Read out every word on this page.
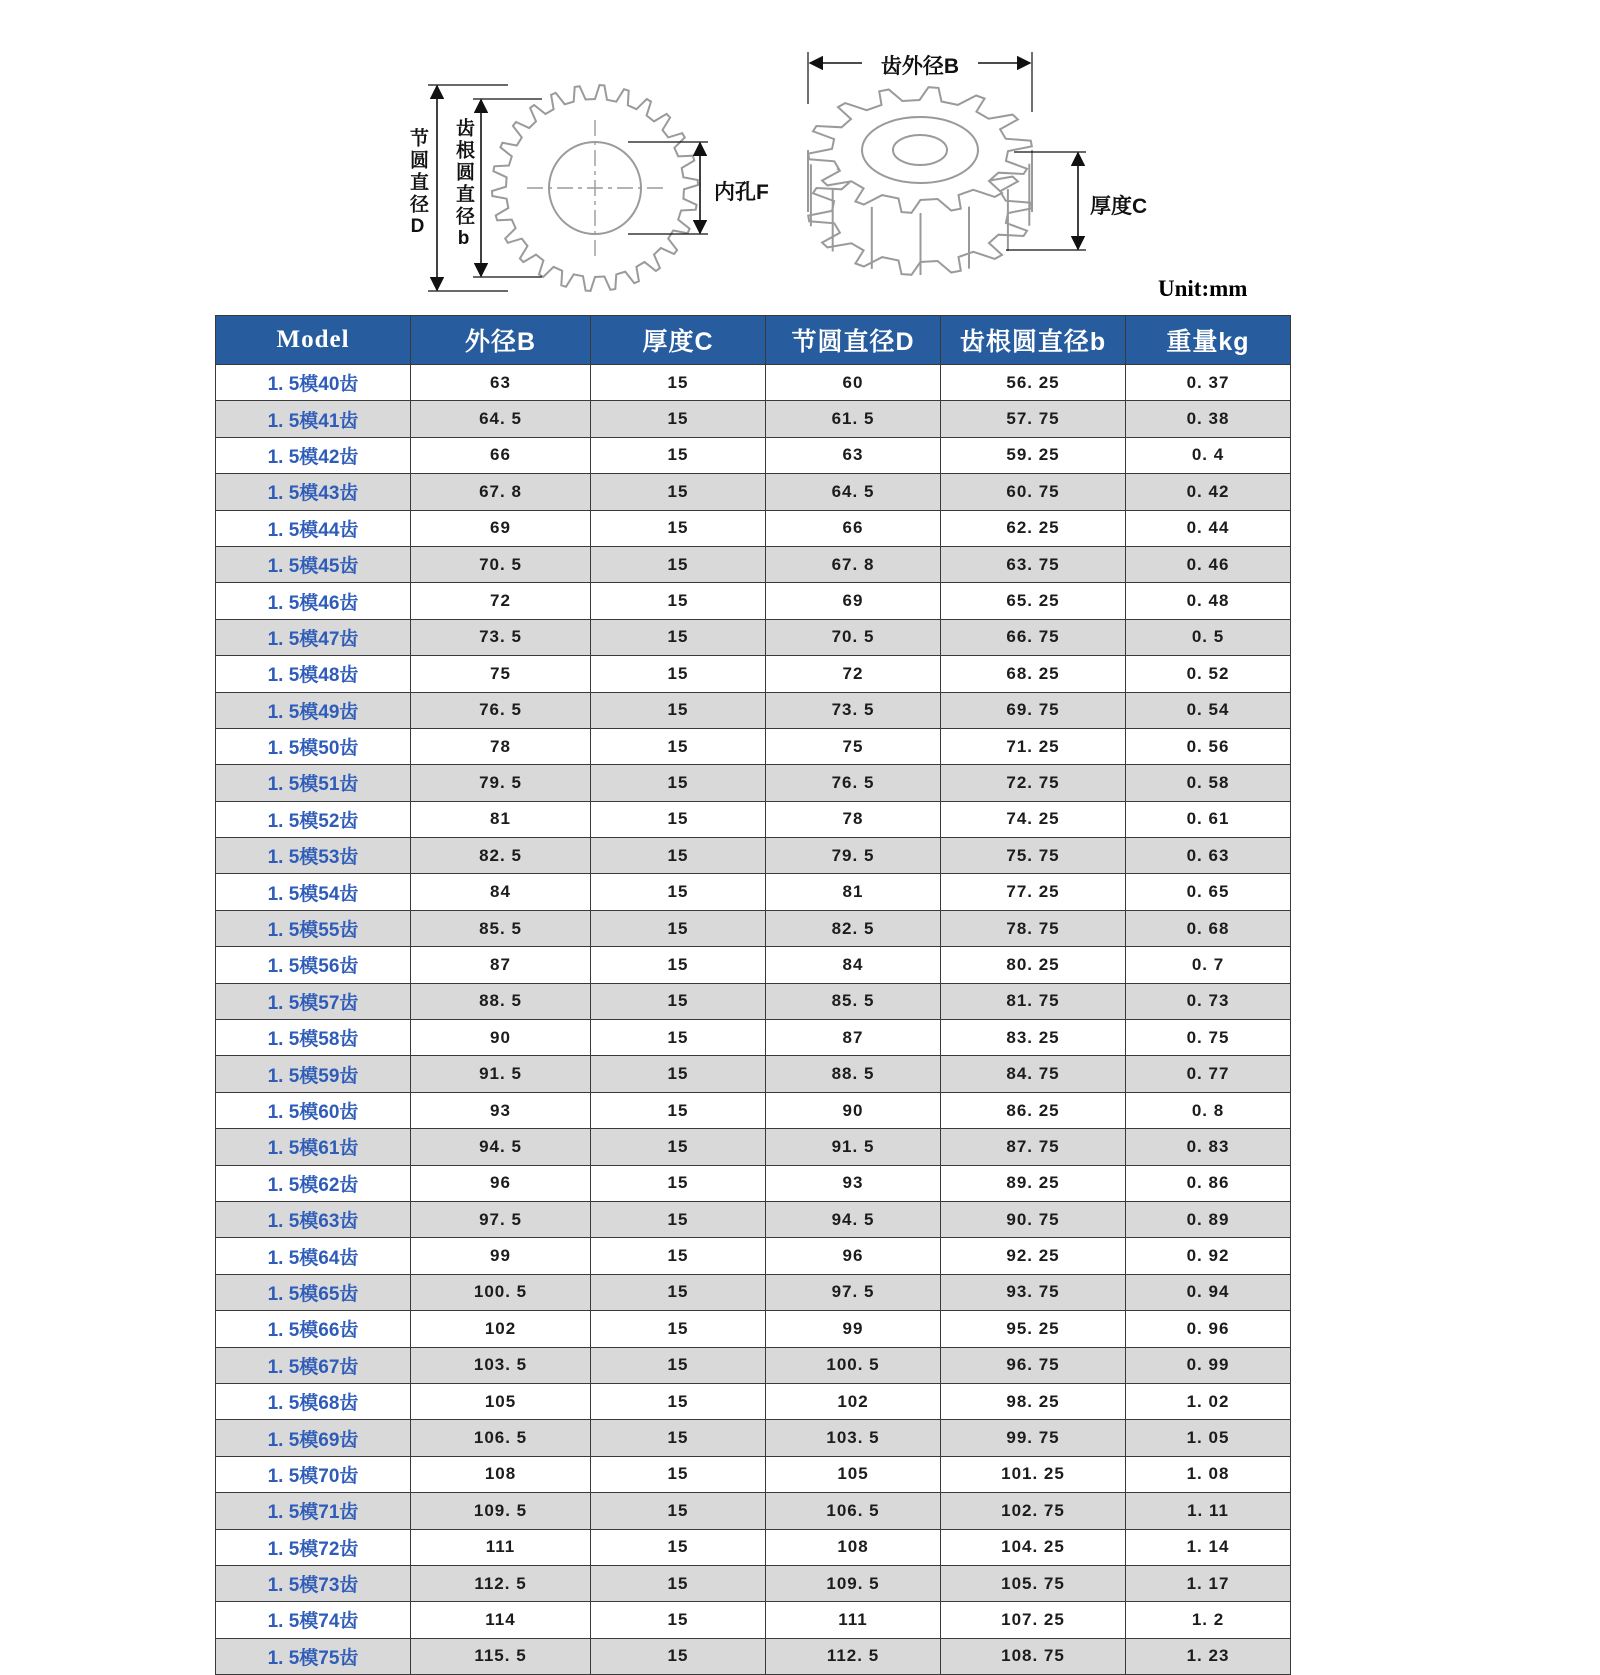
节圆直径D 齿根圆直径b	内孔F
齿外径B
厚度C
Unit:mm
Model	外径B	厚度C	节圆直径D	齿根圆直径b	重量kg
1. 5模40齿	63	15	60	56. 25	0. 37
1. 5模41齿	64. 5	15	61. 5	57. 75	0. 38
1. 5模42齿	66	15	63	59. 25	0. 4
1. 5模43齿	67. 8	15	64. 5	60. 75	0. 42
1. 5模44齿	69	15	66	62. 25	0. 44
1. 5模45齿	70. 5	15	67. 8	63. 75	0. 46
1. 5模46齿	72	15	69	65. 25	0. 48
1. 5模47齿	73. 5	15	70. 5	66. 75	0. 5
1. 5模48齿	75	15	72	68. 25	0. 52
1. 5模49齿	76. 5	15	73. 5	69. 75	0. 54
1. 5模50齿	78	15	75	71. 25	0. 56
1. 5模51齿	79. 5	15	76. 5	72. 75	0. 58
1. 5模52齿	81	15	78	74. 25	0. 61
1. 5模53齿	82. 5	15	79. 5	75. 75	0. 63
1. 5模54齿	84	15	81	77. 25	0. 65
1. 5模55齿	85. 5	15	82. 5	78. 75	0. 68
1. 5模56齿	87	15	84	80. 25	0. 7
1. 5模57齿	88. 5	15	85. 5	81. 75	0. 73
1. 5模58齿	90	15	87	83. 25	0. 75
1. 5模59齿	91. 5	15	88. 5	84. 75	0. 77
1. 5模60齿	93	15	90	86. 25	0. 8
1. 5模61齿	94. 5	15	91. 5	87. 75	0. 83
1. 5模62齿	96	15	93	89. 25	0. 86
1. 5模63齿	97. 5	15	94. 5	90. 75	0. 89
1. 5模64齿	99	15	96	92. 25	0. 92
1. 5模65齿	100. 5	15	97. 5	93. 75	0. 94
1. 5模66齿	102	15	99	95. 25	0. 96
1. 5模67齿	103. 5	15	100. 5	96. 75	0. 99
1. 5模68齿	105	15	102	98. 25	1. 02
1. 5模69齿	106. 5	15	103. 5	99. 75	1. 05
1. 5模70齿	108	15	105	101. 25	1. 08
1. 5模71齿	109. 5	15	106. 5	102. 75	1. 11
1. 5模72齿	111	15	108	104. 25	1. 14
1. 5模73齿	112. 5	15	109. 5	105. 75	1. 17
1. 5模74齿	114	15	111	107. 25	1. 2
1. 5模75齿	115. 5	15	112. 5	108. 75	1. 23
